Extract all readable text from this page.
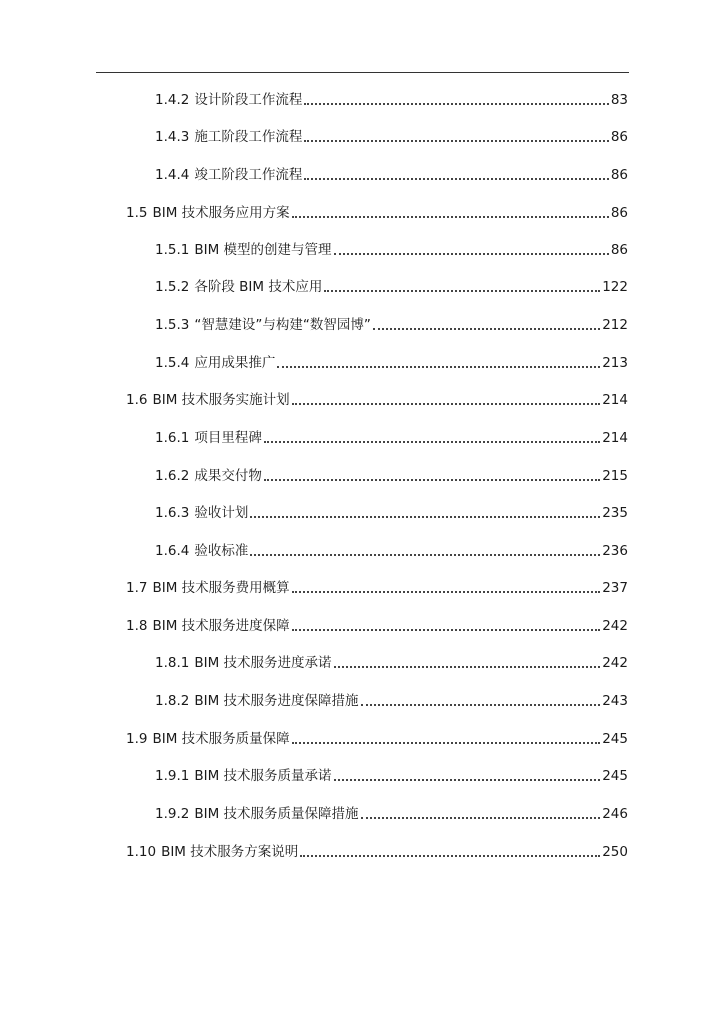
1.4.2 设计阶段工作流程	83
1.4.3 施工阶段工作流程	86
1.4.4 竣工阶段工作流程	86
1.5 BIM 技术服务应用方案	86
1.5.1 BIM 模型的创建与管理	86
1.5.2 各阶段 BIM 技术应用	122
1.5.3 “智慧建设”与构建“数智园博”	212
1.5.4 应用成果推广	213
1.6 BIM 技术服务实施计划	214
1.6.1 项目里程碑	214
1.6.2 成果交付物	215
1.6.3 验收计划	235
1.6.4 验收标准	236
1.7 BIM 技术服务费用概算	237
1.8 BIM 技术服务进度保障	242
1.8.1 BIM 技术服务进度承诺	242
1.8.2 BIM 技术服务进度保障措施	243
1.9 BIM 技术服务质量保障	245
1.9.1 BIM 技术服务质量承诺	245
1.9.2 BIM 技术服务质量保障措施	246
1.10 BIM 技术服务方案说明	250
